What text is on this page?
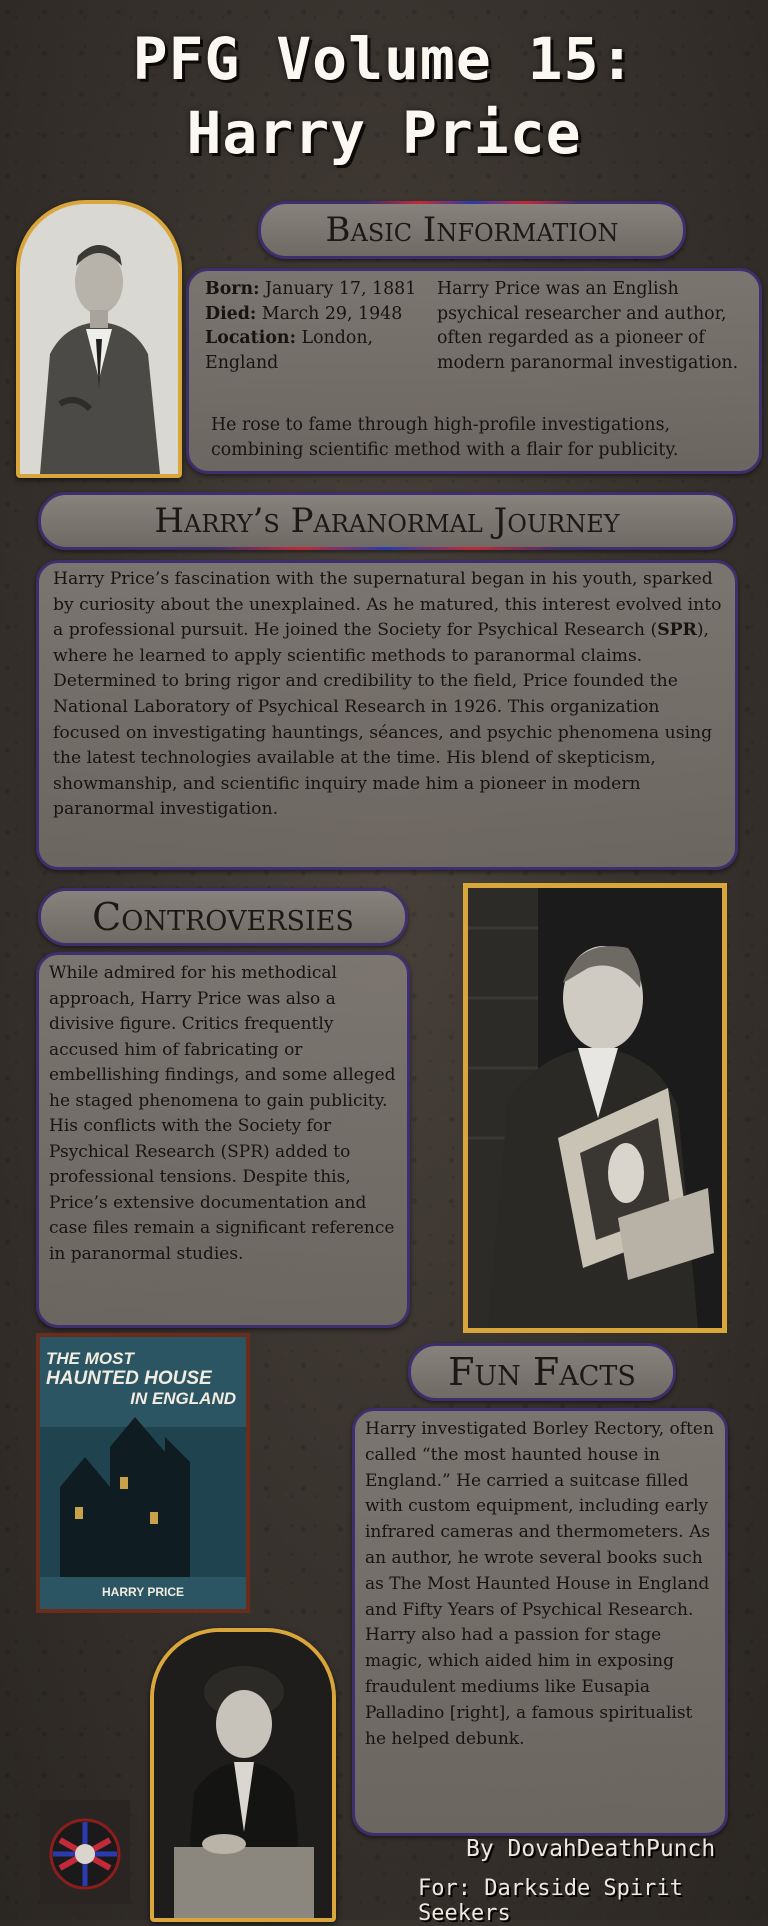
PFG Volume 15:
Harry Price
Basic Information
Born: January 17, 1881
Died: March 29, 1948
Location: London, England
Harry Price was an English psychical researcher and author, often regarded as a pioneer of modern paranormal investigation.
He rose to fame through high-profile investigations, combining scientific method with a flair for publicity.
Harry’s Paranormal Journey
Harry Price’s fascination with the supernatural began in his youth, sparked by curiosity about the unexplained. As he matured, this interest evolved into a professional pursuit. He joined the Society for Psychical Research (SPR), where he learned to apply scientific methods to paranormal claims.
Determined to bring rigor and credibility to the field, Price founded the National Laboratory of Psychical Research in 1926. This organization focused on investigating hauntings, séances, and psychic phenomena using the latest technologies available at the time. His blend of skepticism, showmanship, and scientific inquiry made him a pioneer in modern paranormal investigation.
Controversies
While admired for his methodical approach, Harry Price was also a divisive figure. Critics frequently accused him of fabricating or embellishing findings, and some alleged he staged phenomena to gain publicity. His conflicts with the Society for Psychical Research (SPR) added to professional tensions. Despite this, Price’s extensive documentation and case files remain a significant reference in paranormal studies.
THE MOST
HAUNTED HOUSE
IN ENGLAND
HARRY PRICE
Fun Facts
Harry investigated Borley Rectory, often called “the most haunted house in England.” He carried a suitcase filled with custom equipment, including early infrared cameras and thermometers. As an author, he wrote several books such as The Most Haunted House in England and Fifty Years of Psychical Research.
Harry also had a passion for stage magic, which aided him in exposing fraudulent mediums like Eusapia Palladino [right], a famous spiritualist he helped debunk.
By DovahDeathPunch
For: Darkside Spirit Seekers
